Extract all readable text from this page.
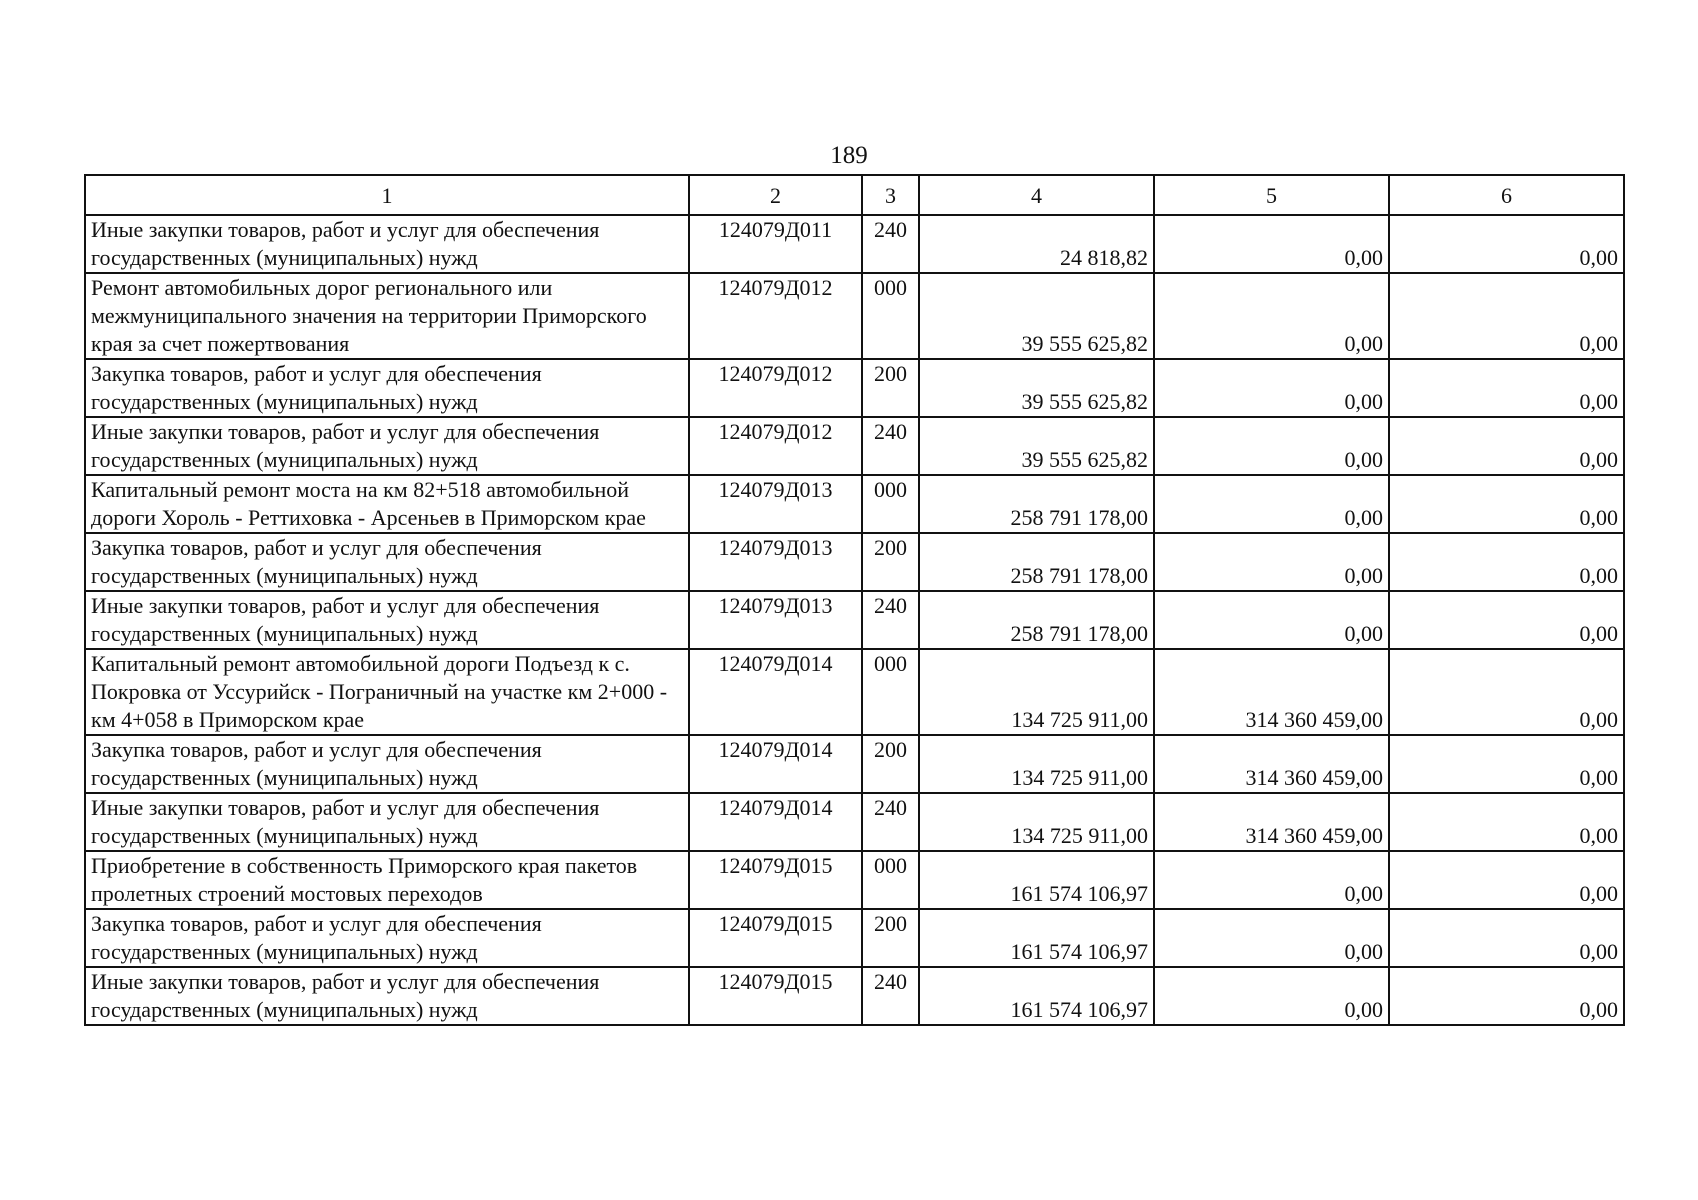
189
1	2	3	4	5	6
Иные закупки товаров, работ и услуг для обеспечения государственных (муниципальных) нужд	124079Д011	240	24 818,82	0,00	0,00
Ремонт автомобильных дорог регионального или межмуниципального значения на территории Приморского края за счет пожертвования	124079Д012	000	39 555 625,82	0,00	0,00
Закупка товаров, работ и услуг для обеспечения государственных (муниципальных) нужд	124079Д012	200	39 555 625,82	0,00	0,00
Иные закупки товаров, работ и услуг для обеспечения государственных (муниципальных) нужд	124079Д012	240	39 555 625,82	0,00	0,00
Капитальный ремонт моста на км 82+518 автомобильной дороги Хороль - Реттиховка - Арсеньев в Приморском крае	124079Д013	000	258 791 178,00	0,00	0,00
Закупка товаров, работ и услуг для обеспечения государственных (муниципальных) нужд	124079Д013	200	258 791 178,00	0,00	0,00
Иные закупки товаров, работ и услуг для обеспечения государственных (муниципальных) нужд	124079Д013	240	258 791 178,00	0,00	0,00
Капитальный ремонт автомобильной дороги Подъезд к с. Покровка от Уссурийск - Пограничный на участке км 2+000 - км 4+058 в Приморском крае	124079Д014	000	134 725 911,00	314 360 459,00	0,00
Закупка товаров, работ и услуг для обеспечения государственных (муниципальных) нужд	124079Д014	200	134 725 911,00	314 360 459,00	0,00
Иные закупки товаров, работ и услуг для обеспечения государственных (муниципальных) нужд	124079Д014	240	134 725 911,00	314 360 459,00	0,00
Приобретение в собственность Приморского края пакетов пролетных строений мостовых переходов	124079Д015	000	161 574 106,97	0,00	0,00
Закупка товаров, работ и услуг для обеспечения государственных (муниципальных) нужд	124079Д015	200	161 574 106,97	0,00	0,00
Иные закупки товаров, работ и услуг для обеспечения государственных (муниципальных) нужд	124079Д015	240	161 574 106,97	0,00	0,00
